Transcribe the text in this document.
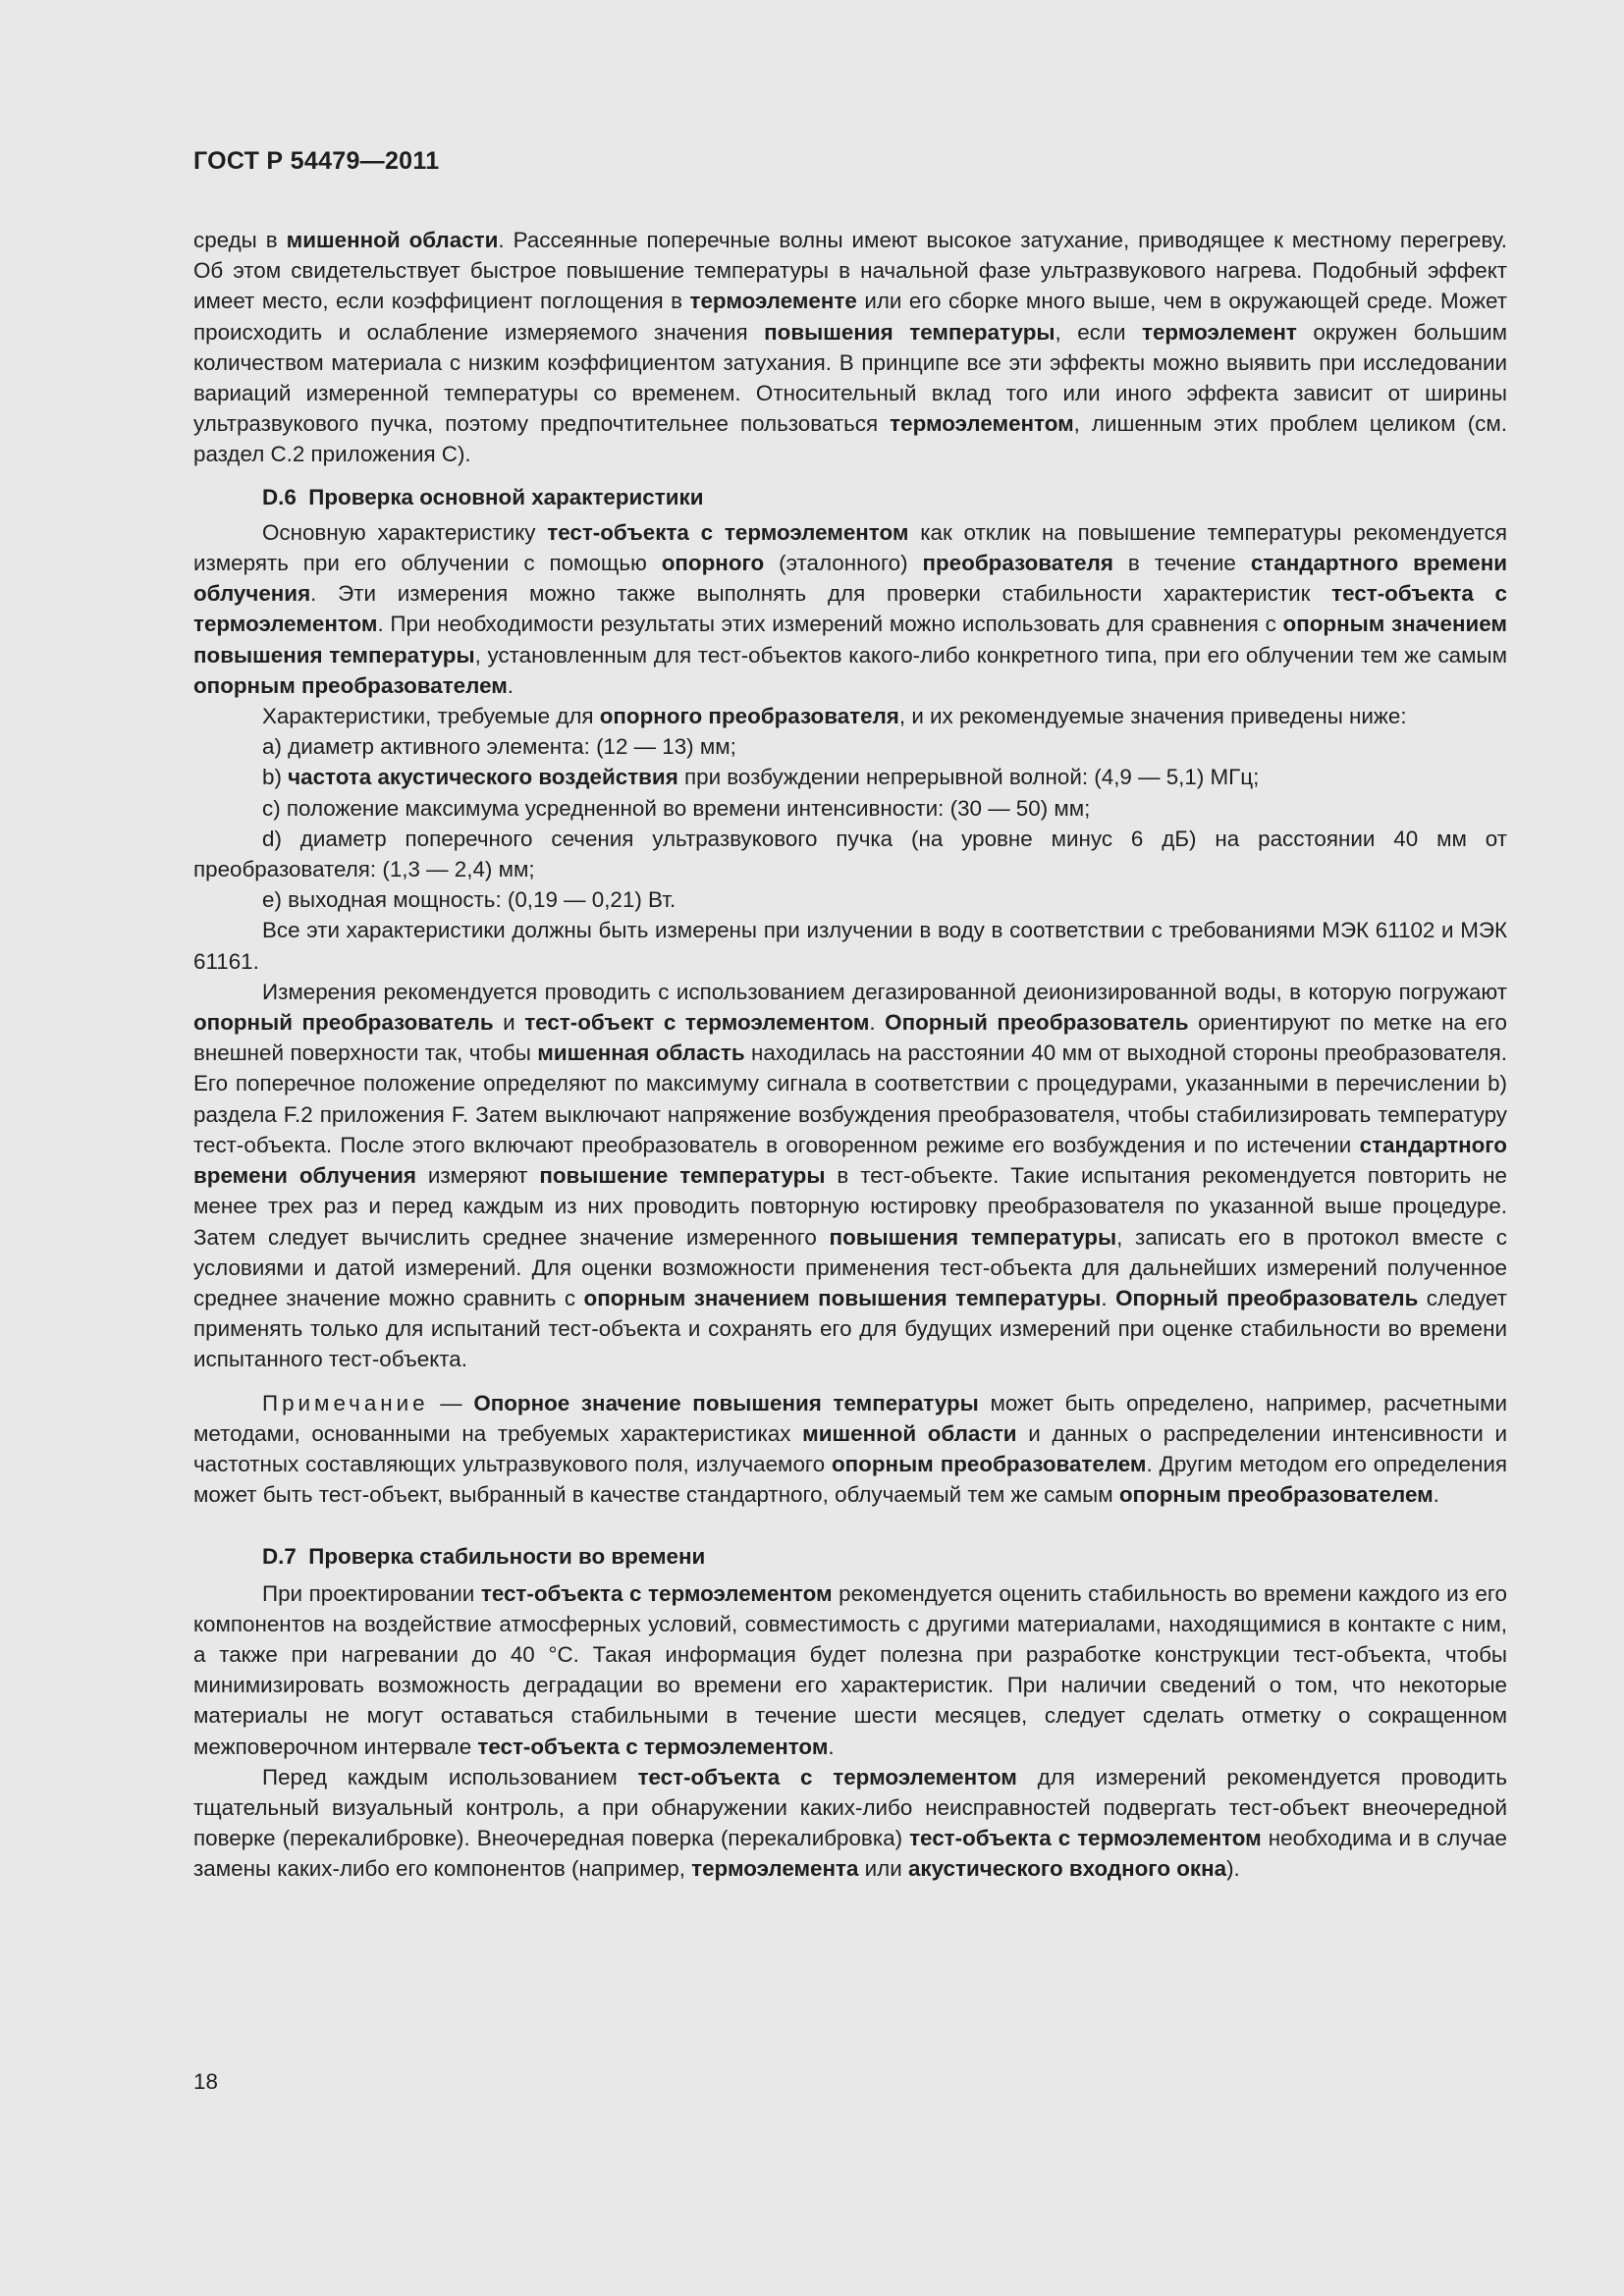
ГОСТ Р 54479—2011

среды в мишенной области. Рассеянные поперечные волны имеют высокое затухание, приводящее к местному перегреву. Об этом свидетельствует быстрое повышение температуры в начальной фазе ультразвукового нагрева. Подобный эффект имеет место, если коэффициент поглощения в термоэлементе или его сборке много выше, чем в окружающей среде. Может происходить и ослабление измеряемого значения повышения температуры, если термоэлемент окружен большим количеством материала с низким коэффициентом затухания. В принципе все эти эффекты можно выявить при исследовании вариаций измеренной температуры со временем. Относительный вклад того или иного эффекта зависит от ширины ультразвукового пучка, поэтому предпочтительнее пользоваться термоэлементом, лишенным этих проблем целиком (см. раздел С.2 приложения С).

D.6  Проверка основной характеристики

Основную характеристику тест-объекта с термоэлементом как отклик на повышение температуры рекомендуется измерять при его облучении с помощью опорного (эталонного) преобразователя в течение стандартного времени облучения. Эти измерения можно также выполнять для проверки стабильности характеристик тест-объекта с термоэлементом. При необходимости результаты этих измерений можно использовать для сравнения с опорным значением повышения температуры, установленным для тест-объектов какого-либо конкретного типа, при его облучении тем же самым опорным преобразователем.

Характеристики, требуемые для опорного преобразователя, и их рекомендуемые значения приведены ниже:

a) диаметр активного элемента: (12 — 13) мм;

b) частота акустического воздействия при возбуждении непрерывной волной: (4,9 — 5,1) МГц;

c) положение максимума усредненной во времени интенсивности: (30 — 50) мм;

d) диаметр поперечного сечения ультразвукового пучка (на уровне минус 6 дБ) на расстоянии 40 мм от преобразователя: (1,3 — 2,4) мм;

e) выходная мощность: (0,19 — 0,21) Вт.

Все эти характеристики должны быть измерены при излучении в воду в соответствии с требованиями МЭК 61102 и МЭК 61161.

Измерения рекомендуется проводить с использованием дегазированной деионизированной воды, в которую погружают опорный преобразователь и тест-объект с термоэлементом. Опорный преобразователь ориентируют по метке на его внешней поверхности так, чтобы мишенная область находилась на расстоянии 40 мм от выходной стороны преобразователя. Его поперечное положение определяют по максимуму сигнала в соответствии с процедурами, указанными в перечислении b) раздела F.2 приложения F. Затем выключают напряжение возбуждения преобразователя, чтобы стабилизировать температуру тест-объекта. После этого включают преобразователь в оговоренном режиме его возбуждения и по истечении стандартного времени облучения измеряют повышение температуры в тест-объекте. Такие испытания рекомендуется повторить не менее трех раз и перед каждым из них проводить повторную юстировку преобразователя по указанной выше процедуре. Затем следует вычислить среднее значение измеренного повышения температуры, записать его в протокол вместе с условиями и датой измерений. Для оценки возможности применения тест-объекта для дальнейших измерений полученное среднее значение можно сравнить с опорным значением повышения температуры. Опорный преобразователь следует применять только для испытаний тест-объекта и сохранять его для будущих измерений при оценке стабильности во времени испытанного тест-объекта.

Примечание — Опорное значение повышения температуры может быть определено, например, расчетными методами, основанными на требуемых характеристиках мишенной области и данных о распределении интенсивности и частотных составляющих ультразвукового поля, излучаемого опорным преобразователем. Другим методом его определения может быть тест-объект, выбранный в качестве стандартного, облучаемый тем же самым опорным преобразователем.

D.7  Проверка стабильности во времени

При проектировании тест-объекта с термоэлементом рекомендуется оценить стабильность во времени каждого из его компонентов на воздействие атмосферных условий, совместимость с другими материалами, находящимися в контакте с ним, а также при нагревании до 40 °С. Такая информация будет полезна при разработке конструкции тест-объекта, чтобы минимизировать возможность деградации во времени его характеристик. При наличии сведений о том, что некоторые материалы не могут оставаться стабильными в течение шести месяцев, следует сделать отметку о сокращенном межповерочном интервале тест-объекта с термоэлементом.

Перед каждым использованием тест-объекта с термоэлементом для измерений рекомендуется проводить тщательный визуальный контроль, а при обнаружении каких-либо неисправностей подвергать тест-объект внеочередной поверке (перекалибровке). Внеочередная поверка (перекалибровка) тест-объекта с термоэлементом необходима и в случае замены каких-либо его компонентов (например, термоэлемента или акустического входного окна).

18
